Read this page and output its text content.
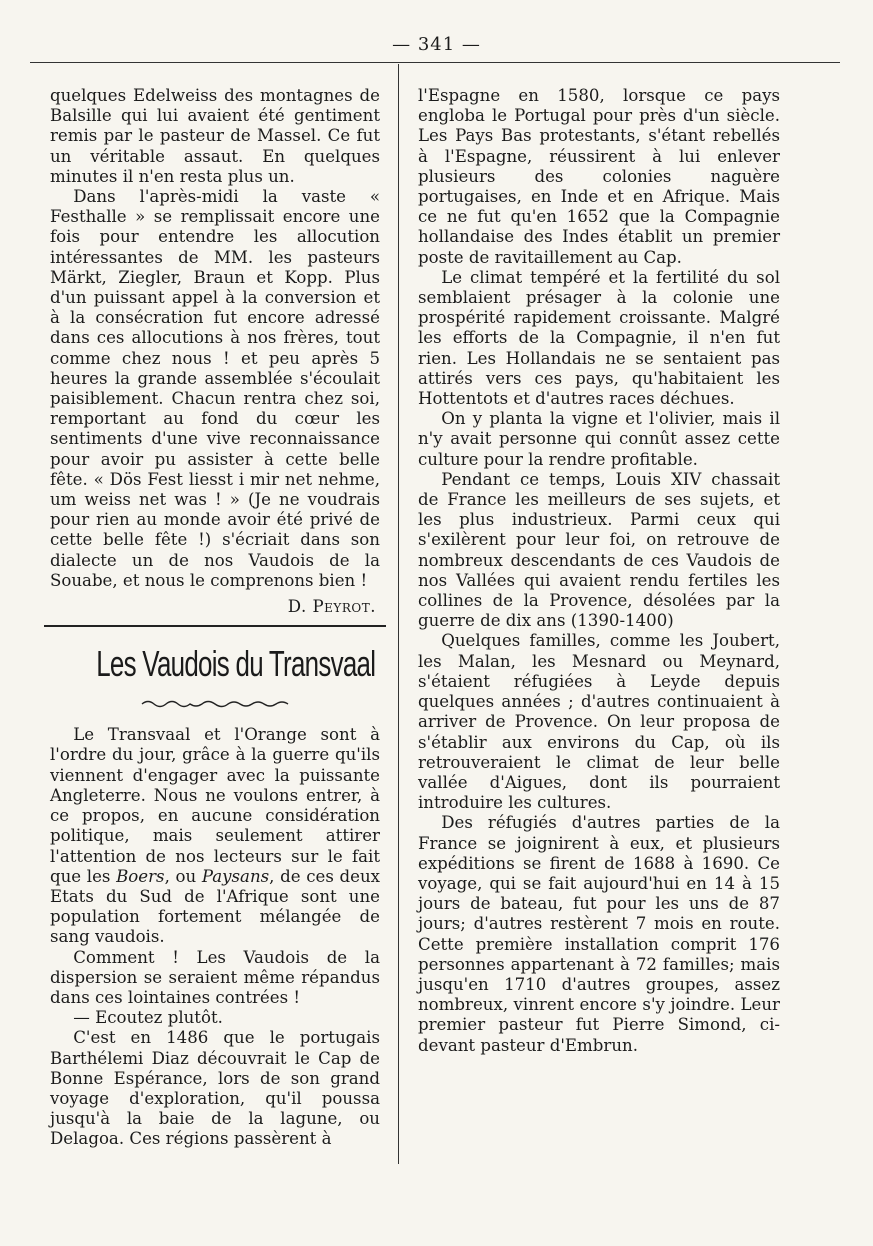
— 341 —

quelques Edelweiss des montagnes de Balsille qui lui avaient été gentiment remis par le pasteur de Massel. Ce fut un véritable assaut. En quelques minutes il n'en resta plus un.

Dans l'après-midi la vaste « Festhalle » se remplissait encore une fois pour entendre les allocution intéressantes de MM. les pasteurs Märkt, Ziegler, Braun et Kopp. Plus d'un puissant appel à la conversion et à la consécration fut encore adressé dans ces allocutions à nos frères, tout comme chez nous ! et peu après 5 heures la grande assemblée s'écoulait paisiblement. Chacun rentra chez soi, remportant au fond du cœur les sentiments d'une vive reconnaissance pour avoir pu assister à cette belle fête. « Dös Fest liesst i mir net nehme, um weiss net was ! » (Je ne voudrais pour rien au monde avoir été privé de cette belle fête !) s'écriait dans son dialecte un de nos Vaudois de la Souabe, et nous le comprenons bien !

D. Peyrot.
Les Vaudois du Transvaal

Le Transvaal et l'Orange sont à l'ordre du jour, grâce à la guerre qu'ils viennent d'engager avec la puissante Angleterre. Nous ne voulons entrer, à ce propos, en aucune considération politique, mais seulement attirer l'attention de nos lecteurs sur le fait que les Boers, ou Paysans, de ces deux Etats du Sud de l'Afrique sont une population fortement mélangée de sang vaudois.

Comment ! Les Vaudois de la dispersion se seraient même répandus dans ces lointaines contrées !

— Ecoutez plutôt.

C'est en 1486 que le portugais Barthélemi Diaz découvrait le Cap de Bonne Espérance, lors de son grand voyage d'exploration, qu'il poussa jusqu'à la baie de la lagune, ou Delagoa. Ces régions passèrent à

l'Espagne en 1580, lorsque ce pays engloba le Portugal pour près d'un siècle. Les Pays Bas protestants, s'étant rebellés à l'Espagne, réussirent à lui enlever plusieurs des colonies naguère portugaises, en Inde et en Afrique. Mais ce ne fut qu'en 1652 que la Compagnie hollandaise des Indes établit un premier poste de ravitaillement au Cap.

Le climat tempéré et la fertilité du sol semblaient présager à la colonie une prospérité rapidement croissante. Malgré les efforts de la Compagnie, il n'en fut rien. Les Hollandais ne se sentaient pas attirés vers ces pays, qu'habitaient les Hottentots et d'autres races déchues.

On y planta la vigne et l'olivier, mais il n'y avait personne qui connût assez cette culture pour la rendre profitable.

Pendant ce temps, Louis XIV chassait de France les meilleurs de ses sujets, et les plus industrieux. Parmi ceux qui s'exilèrent pour leur foi, on retrouve de nombreux descendants de ces Vaudois de nos Vallées qui avaient rendu fertiles les collines de la Provence, désolées par la guerre de dix ans (1390-1400)

Quelques familles, comme les Joubert, les Malan, les Mesnard ou Meynard, s'étaient réfugiées à Leyde depuis quelques années ; d'autres continuaient à arriver de Provence. On leur proposa de s'établir aux environs du Cap, où ils retrouveraient le climat de leur belle vallée d'Aigues, dont ils pourraient introduire les cultures.

Des réfugiés d'autres parties de la France se joignirent à eux, et plusieurs expéditions se firent de 1688 à 1690. Ce voyage, qui se fait aujourd'hui en 14 à 15 jours de bateau, fut pour les uns de 87 jours; d'autres restèrent 7 mois en route. Cette première installation comprit 176 personnes appartenant à 72 familles; mais jusqu'en 1710 d'autres groupes, assez nombreux, vinrent encore s'y joindre. Leur premier pasteur fut Pierre Simond, ci-devant pasteur d'Embrun.
